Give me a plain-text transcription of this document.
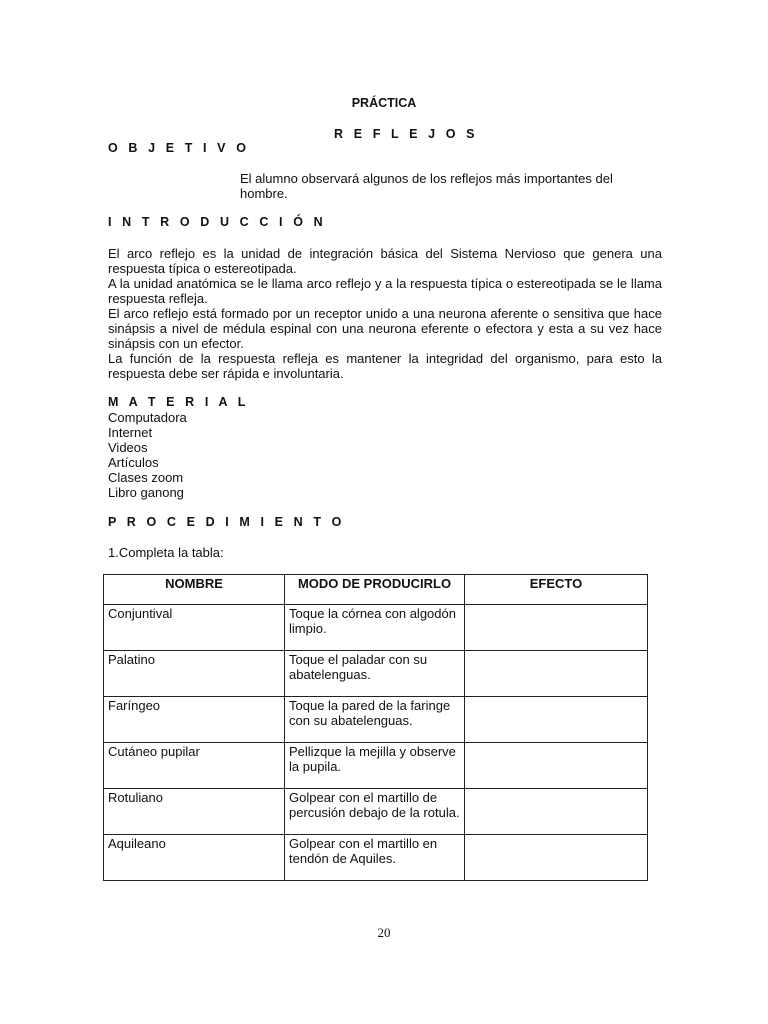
PRÁCTICA
R E F L E J O S
O B J E T I V O
El alumno observará algunos de los reflejos más importantes del hombre.
I N T R O D U C C I Ó N

El arco reflejo es la unidad de integración básica del Sistema Nervioso que genera una respuesta típica o estereotipada.

A la unidad anatómica se le llama arco reflejo y a la respuesta típica o estereotipada se le llama respuesta refleja.

El arco reflejo está formado por un receptor unido a una neurona aferente o sensitiva que hace sinápsis a nivel de médula espinal con una neurona eferente o efectora y esta a su vez hace sinápsis con un efector.

La función de la respuesta refleja es mantener la integridad del organismo, para esto la respuesta debe ser rápida e involuntaria.

M A T E R I A L
Computadora
Internet
Videos
Artículos
Clases zoom
Libro ganong
P R O C E D I M I E N T O
1.Completa la tabla:
NOMBRE	MODO DE PRODUCIRLO	EFECTO
Conjuntival	Toque la córnea con algodón limpio.	
Palatino	Toque el paladar con su abatelenguas.	
Faríngeo	Toque la pared de la faringe con su abatelenguas.	
Cutáneo pupilar	Pellizque la mejilla y observe la pupila.	
Rotuliano	Golpear con el martillo de percusión debajo de la rotula.	
Aquileano	Golpear con el martillo en tendón de Aquiles.	
20
